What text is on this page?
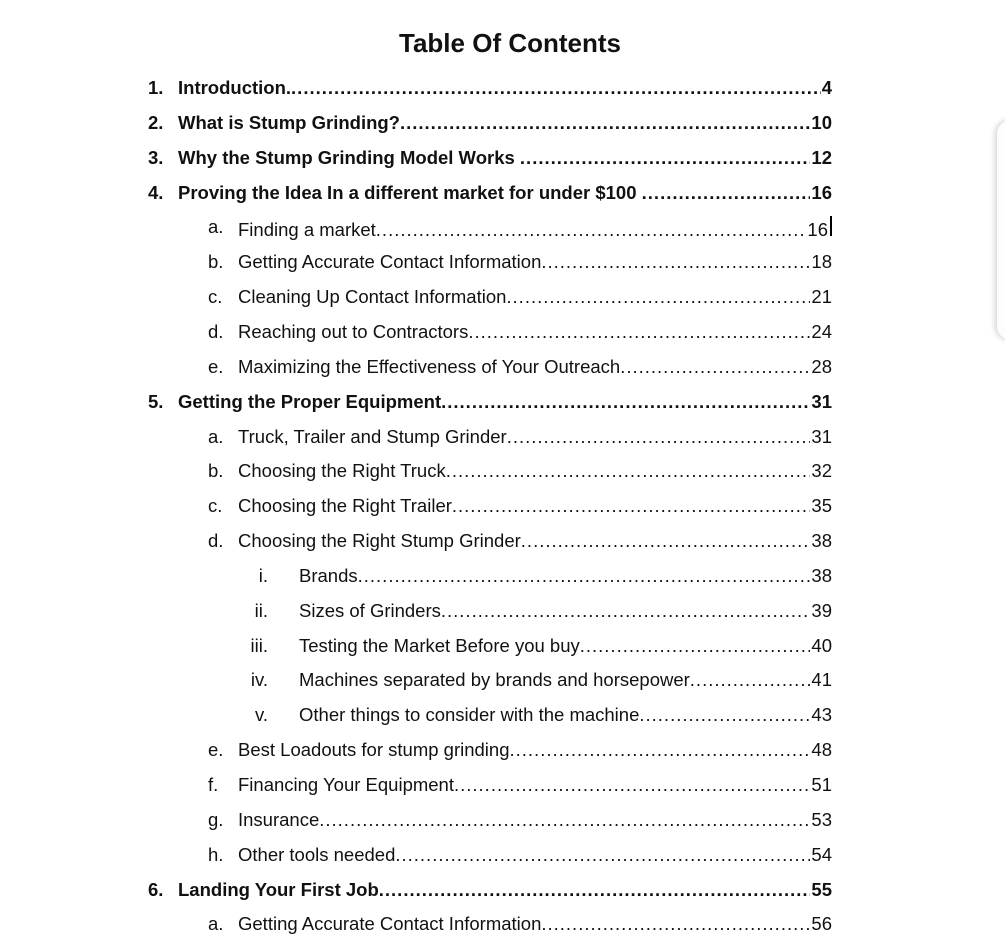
Table Of Contents
1. Introduction. .....	4
2. What is Stump Grinding? .....	10
3. Why the Stump Grinding Model Works .....	12
4. Proving the Idea In a different market for under $100 .....	16
a. Finding a market .....	16
b. Getting Accurate Contact Information .....	18
c. Cleaning Up Contact Information .....	21
d. Reaching out to Contractors .....	24
e. Maximizing the Effectiveness of Your Outreach .....	28
5. Getting the Proper Equipment .....	31
a. Truck, Trailer and Stump Grinder .....	31
b. Choosing the Right Truck .....	32
c. Choosing the Right Trailer .....	35
d. Choosing the Right Stump Grinder .....	38
i. Brands .....	38
ii. Sizes of Grinders .....	39
iii. Testing the Market Before you buy .....	40
iv. Machines separated by brands and horsepower .....	41
v. Other things to consider with the machine .....	43
e. Best Loadouts for stump grinding .....	48
f.	Financing Your Equipment .....	51
g. Insurance .....	53
h. Other tools needed .....	54
6. Landing Your First Job .....	55
a. Getting Accurate Contact Information .....	56
